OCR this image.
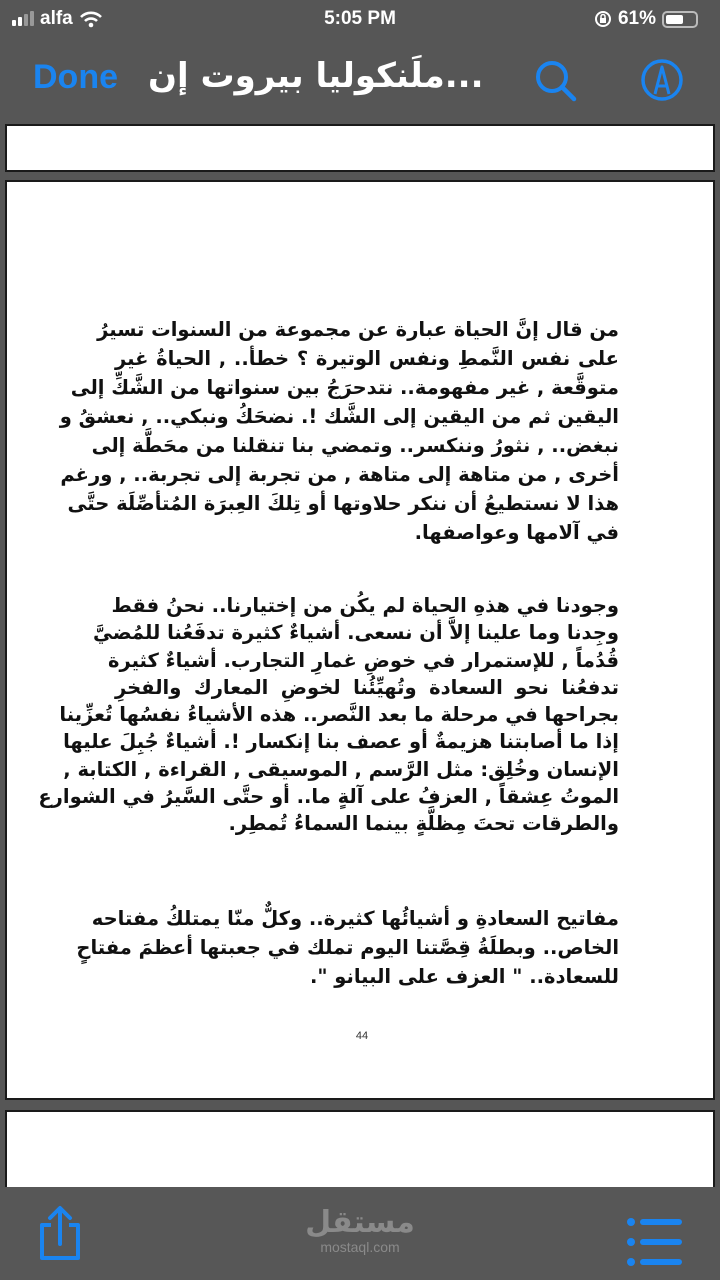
alfa	5:05 PM	61%
Done ملَنكوليا بيروت إن...
من قال إنَّ الحياة عبارة عن مجموعة من السنوات تسيرُ
على نفس النَّمطِ ونفس الوتيرة ؟ خطأ.. , الحياةُ غير
متوقَّعة , غير مفهومة.. نتدحرَجُ بين سنواتها من الشَّكِّ إلى
اليقين ثم من اليقين إلى الشَّك !. نضحَكُ ونبكي.. , نعشقُ و
نبغض.. , نثورُ وننكسر.. وتمضي بنا تنقلنا من محَطَّة إلى
أخرى , من متاهة إلى متاهة , من تجربة إلى تجربة.. , ورغم
هذا لا نستطيعُ أن ننكر حلاوتها أو تِلكَ العِبرَة المُتأصِّلَة حتَّى
في آلامها وعواصفها.
وجودنا في هذهِ الحياة لم يكُن من إختيارنا.. نحنُ فقط
وجِدنا وما علينا إلاَّ أن نسعى. أشياءٌ كثيرة تدفَعُنا للمُضيَّ
قُدُماً , للإستمرار في خوضِ غمارِ التجارب. أشياءٌ كثيرة
تدفعُنا نحو السعادة وتُهيِّئُنا لخوضِ المعارك والفخرِ
بجراحها في مرحلة ما بعد النَّصر.. هذه الأشياءُ نفسُها تُعزِّينا
إذا ما أصابتنا هزيمةٌ أو عصف بنا إنكسار !. أشياءٌ جُبِلَ عليها
الإنسان وخُلِق: مثل الرَّسم , الموسيقى , القراءة , الكتابة ,
الموتُ عِشقاً , العزفُ على آلةٍ ما.. أو حتَّى السَّيرُ في الشوارع
والطرقات تحتَ مِظلَّةٍ بينما السماءُ تُمطِر.
مفاتيح السعادةِ و أشيائُها كثيرة.. وكلٌّ منّا يمتلكُ مفتاحه
الخاص.. وبطلَةُ قِصَّتنا اليوم تملك في جعبتها أعظمَ مفتاحٍ
للسعادة.. " العزف على البيانو ".
44
مستقل
mostaql.com
